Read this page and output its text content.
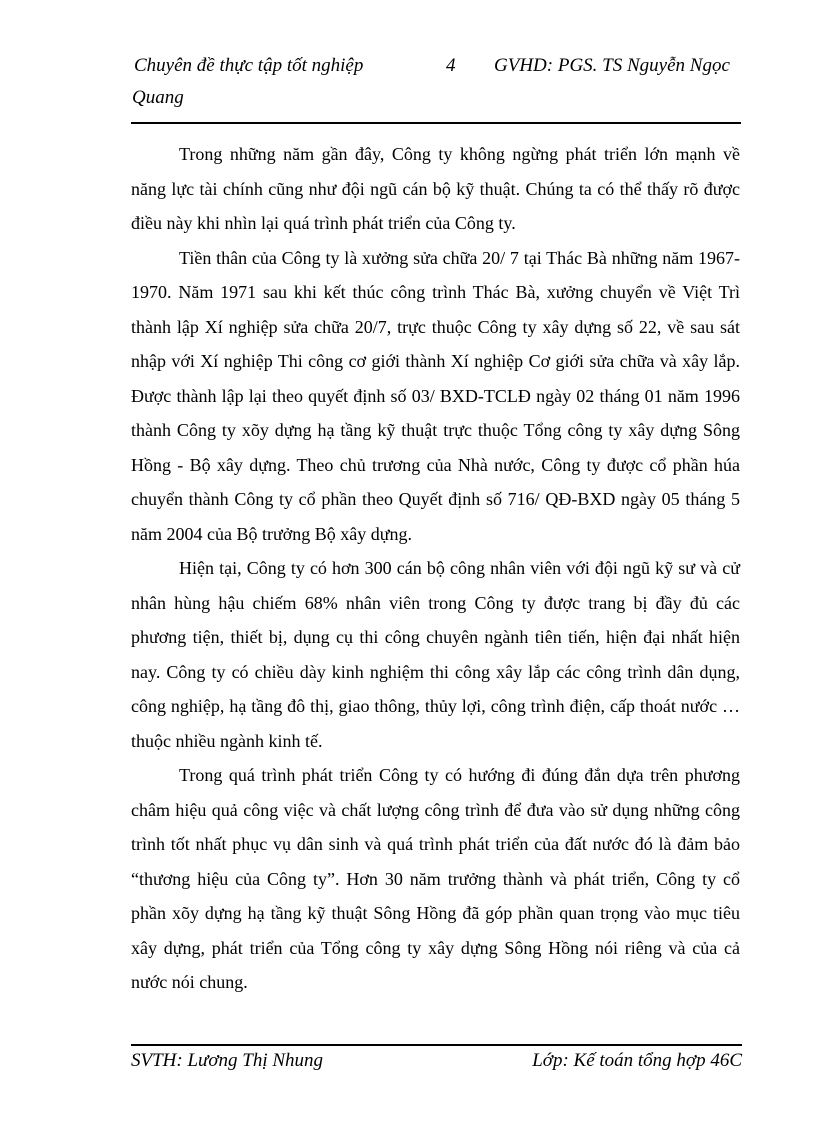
Chuyên đề thực tập tốt nghiệp	4 GVHD: PGS. TS Nguyễn Ngọc
Quang

Trong những năm gần đây, Công ty không ngừng phát triển lớn mạnh về năng lực tài chính cũng như đội ngũ cán bộ kỹ thuật. Chúng ta có thể thấy rõ được điều này khi nhìn lại quá trình phát triển của Công ty.

Tiền thân của Công ty là xưởng sửa chữa 20/ 7 tại Thác Bà những năm 1967-1970. Năm 1971 sau khi kết thúc công trình Thác Bà, xưởng chuyển về Việt Trì thành lập Xí nghiệp sửa chữa 20/7, trực thuộc Công ty xây dựng số 22, về sau sát nhập với Xí nghiệp Thi công cơ giới thành Xí nghiệp Cơ giới sửa chữa và xây lắp. Được thành lập lại theo quyết định số 03/ BXD-TCLĐ ngày 02 tháng 01 năm 1996 thành Công ty xõy dựng hạ tầng kỹ thuật trực thuộc Tổng công ty xây dựng Sông Hồng - Bộ xây dựng. Theo chủ trương của Nhà nước, Công ty được cổ phần húa chuyển thành Công ty cổ phần theo Quyết định số 716/ QĐ-BXD ngày 05 tháng 5 năm 2004 của Bộ trưởng Bộ xây dựng.

Hiện tại, Công ty có hơn 300 cán bộ công nhân viên với đội ngũ kỹ sư và cử nhân hùng hậu chiếm 68% nhân viên trong Công ty được trang bị đầy đủ các phương tiện, thiết bị, dụng cụ thi công chuyên ngành tiên tiến, hiện đại nhất hiện nay. Công ty có chiều dày kinh nghiệm thi công xây lắp các công trình dân dụng, công nghiệp, hạ tầng đô thị, giao thông, thủy lợi, công trình điện, cấp thoát nước …thuộc nhiều ngành kinh tế.

Trong quá trình phát triển Công ty có hướng đi đúng đắn dựa trên phương châm hiệu quả công việc và chất lượng công trình để đưa vào sử dụng những công trình tốt nhất phục vụ dân sinh và quá trình phát triển của đất nước đó là đảm bảo “thương hiệu của Công ty”. Hơn 30 năm trưởng thành và phát triển, Công ty cổ phần xõy dựng hạ tầng kỹ thuật Sông Hồng đã góp phần quan trọng vào mục tiêu xây dựng, phát triển của Tổng công ty xây dựng Sông Hồng nói riêng và của cả nước nói chung.

SVTH: Lương Thị Nhung	Lớp: Kế toán tổng hợp 46C
